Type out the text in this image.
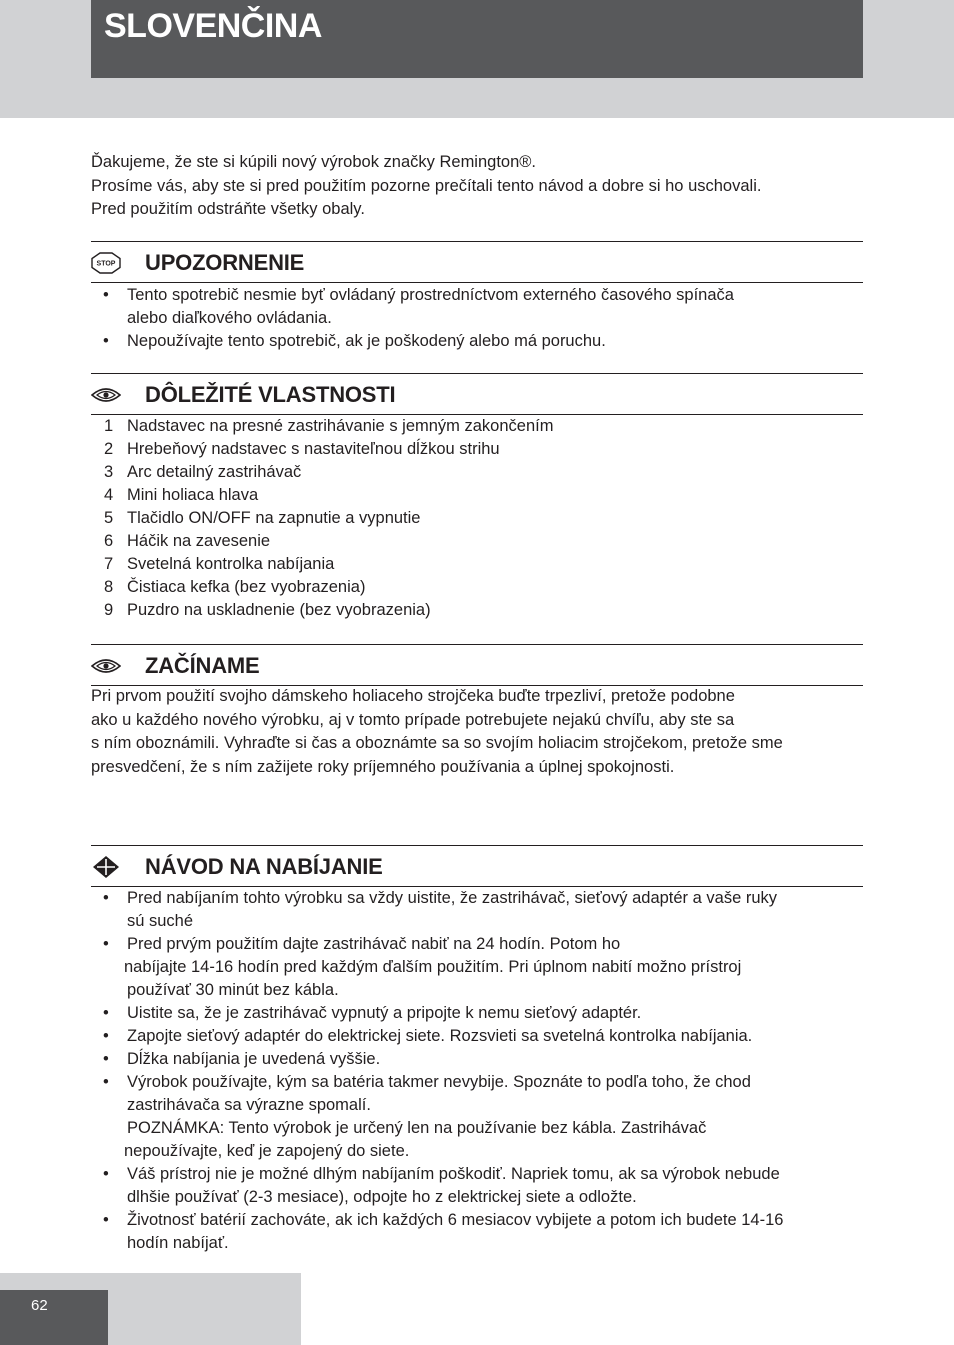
SLOVENČINA
Ďakujeme, že ste si kúpili nový výrobok značky Remington®.
Prosíme vás, aby ste si pred použitím pozorne prečítali tento návod a dobre si ho uschovali.
Pred použitím odstráňte všetky obaly.
STOP UPOZORNENIE
• Tento spotrebič nesmie byť ovládaný prostredníctvom externého časového spínača
alebo diaľkového ovládania.
• Nepoužívajte tento spotrebič, ak je poškodený alebo má poruchu.
DÔLEŽITÉ VLASTNOSTI
1 Nadstavec na presné zastrihávanie s jemným zakončením
2 Hrebeňový nadstavec s nastaviteľnou dĺžkou strihu
3 Arc detailný zastrihávač
4 Mini holiaca hlava
5 Tlačidlo ON/OFF na zapnutie a vypnutie
6 Háčik na zavesenie
7 Svetelná kontrolka nabíjania
8 Čistiaca kefka (bez vyobrazenia)
9 Puzdro na uskladnenie (bez vyobrazenia)
ZAČÍNAME
Pri prvom použití svojho dámskeho holiaceho strojčeka buďte trpezliví, pretože podobne
ako u každého nového výrobku, aj v tomto prípade potrebujete nejakú chvíľu, aby ste sa
s ním oboznámili. Vyhraďte si čas a oboznámte sa so svojím holiacim strojčekom, pretože sme
presvedčení, že s ním zažijete roky príjemného používania a úplnej spokojnosti.
NÁVOD NA NABÍJANIE
• Pred nabíjaním tohto výrobku sa vždy uistite, že zastrihávač, sieťový adaptér a vaše ruky
sú suché
• Pred prvým použitím dajte zastrihávač nabiť na 24 hodín. Potom ho
nabíjajte 14-16 hodín pred každým ďalším použitím. Pri úplnom nabití možno prístroj
používať 30 minút bez kábla.
• Uistite sa, že je zastrihávač vypnutý a pripojte k nemu sieťový adaptér.
• Zapojte sieťový adaptér do elektrickej siete. Rozsvieti sa svetelná kontrolka nabíjania.
• Dĺžka nabíjania je uvedená vyššie.
• Výrobok používajte, kým sa batéria takmer nevybije. Spoznáte to podľa toho, že chod
zastrihávača sa výrazne spomalí.
POZNÁMKA: Tento výrobok je určený len na používanie bez kábla. Zastrihávač
nepoužívajte, keď je zapojený do siete.
• Váš prístroj nie je možné dlhým nabíjaním poškodiť. Napriek tomu, ak sa výrobok nebude
dlhšie používať (2-3 mesiace), odpojte ho z elektrickej siete a odložte.
• Životnosť batérií zachováte, ak ich každých 6 mesiacov vybijete a potom ich budete 14-16
hodín nabíjať.
62
